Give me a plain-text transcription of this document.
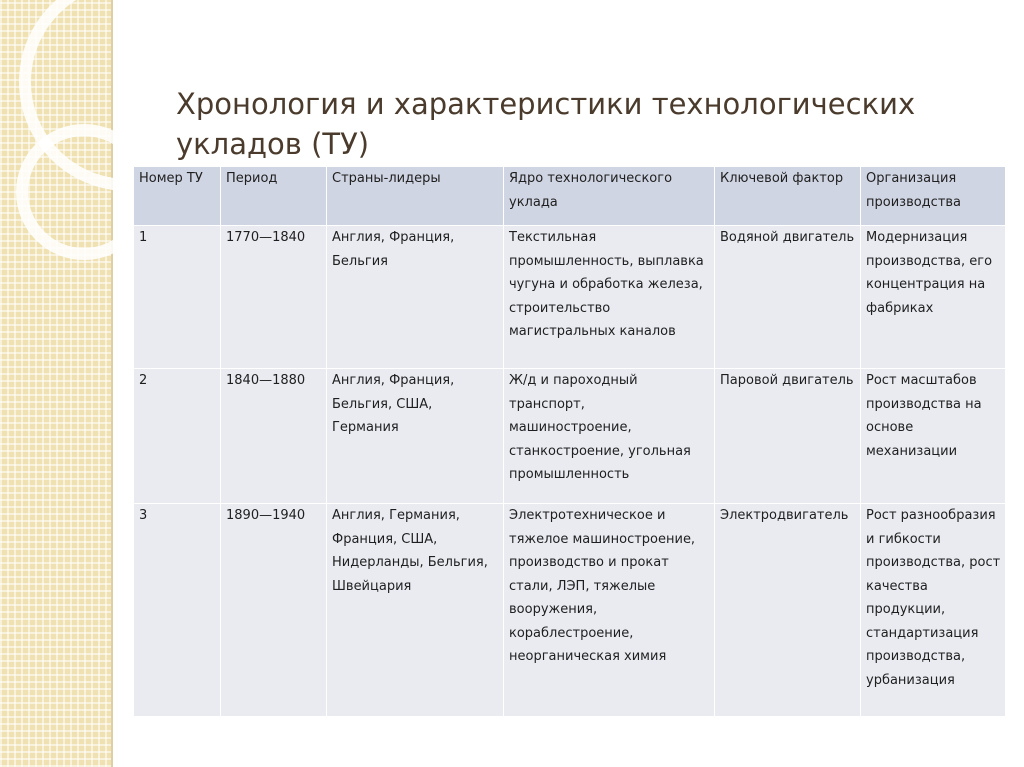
Хронология и характеристики технологических укладов (ТУ)
Номер ТУ	Период	Страны-лидеры	Ядро технологического уклада	Ключевой фактор	Организация производства
1	1770—1840	Англия, Франция, Бельгия	Текстильная промышленность, выплавка чугуна и обработка железа, строительство магистральных каналов	Водяной двигатель	Модернизация производства, его концентрация на фабриках
2	1840—1880	Англия, Франция, Бельгия, США, Германия	Ж/д и пароходный транспорт, машиностроение, станкостроение, угольная промышленность	Паровой двигатель	Рост масштабов производства на основе механизации
3	1890—1940	Англия, Германия, Франция, США, Нидерланды, Бельгия, Швейцария	Электротехническое и тяжелое машиностроение, производство и прокат стали, ЛЭП, тяжелые вооружения, кораблестроение, неорганическая химия	Электродвигатель	Рост разнообразия и гибкости производства, рост качества продукции, стандартизация производства, урбанизация
